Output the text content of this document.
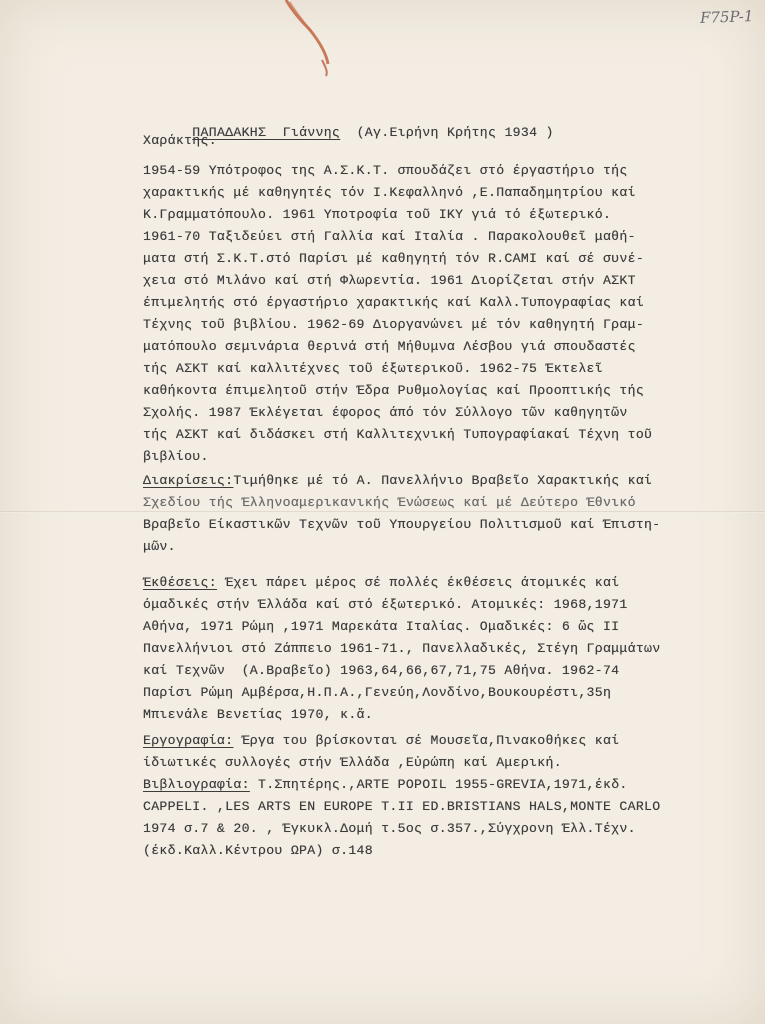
F75P-1

ΠΑΠΑΔΑΚΗΣ  Γιάννης (Αγ.Ειρήνη Κρήτης 1934 )

Χαράκτης.
1954-59 Υπότροφος της Α.Σ.Κ.Τ. σπουδάζει στό έργαστήριο τής
χαρακτικής μέ καθηγητές τόν Ι.Κεφαλληνό ,Ε.Παπαδημητρίου καί
Κ.Γραμματόπουλο. 1961 Υποτροφία τοῦ ΙΚΥ γιά τό έξωτερικό.
1961-70 Ταξιδεύει στή Γαλλία καί Ιταλία . Παρακολουθεῖ μαθή-
ματα στή Σ.Κ.Τ.στό Παρίσι μέ καθηγητή τόν R.CAMI καί σέ συνέ-
χεια στό Μιλάνο καί στή Φλωρεντία. 1961 Διορίζεται στήν ΑΣΚΤ
έπιμελητής στό έργαστήριο χαρακτικής καί Καλλ.Τυπογραφίας καί
Τέχνης τοῦ βιβλίου. 1962-69 Διοργανώνει μέ τόν καθηγητή Γραμ-
ματόπουλο σεμινάρια θερινά στή Μήθυμνα Λέσβου γιά σπουδαστές
τής ΑΣΚΤ καί καλλιτέχνες τοῦ έξωτερικοῦ. 1962-75 Έκτελεῖ
καθήκοντα έπιμελητοῦ στήν Έδρα Ρυθμολογίας καί Προοπτικής τής
Σχολής. 1987 Έκλέγεται έφορος άπό τόν Σύλλογο τῶν καθηγητῶν
τής ΑΣΚΤ καί διδάσκει στή Καλλιτεχνική Τυπογραφίακαί Τέχνη τοῦ
βιβλίου.
Διακρίσεις:Τιμήθηκε μέ τό Α. Πανελλήνιο Βραβεῖο Χαρακτικής καί
Σχεδίου τής Έλληνοαμερικανικής Ένώσεως καί μέ Δεύτερο Έθνικό
Βραβεῖο Είκαστικῶν Τεχνῶν τοῦ Υπουργείου Πολιτισμοῦ καί Έπιστη-
μῶν.
Έκθέσεις: Έχει πάρει μέρος σέ πολλές έκθέσεις άτομικές καί
όμαδικές στήν Έλλάδα καί στό έξωτερικό. Ατομικές: 1968,1971
Αθήνα, 1971 Ρώμη ,1971 Μαρεκάτα Ιταλίας. Ομαδικές: 6 ὥς ΙΙ
Πανελλήνιοι στό Ζάππειο 1961-71., Πανελλαδικές, Στέγη Γραμμάτων
καί Τεχνῶν  (Α.Βραβεῖο) 1963,64,66,67,71,75 Αθήνα. 1962-74
Παρίσι Ρώμη Αμβέρσα,Η.Π.Α.,Γενεύη,Λονδίνο,Βουκουρέστι,35η
Μπιενάλε Βενετίας 1970, κ.ἄ.
Εργογραφία: Έργα του βρίσκονται σέ Μουσεῖα,Πινακοθήκες καί
ίδιωτικές συλλογές στήν Έλλάδα ,Εὐρώπη καί Αμερική.
Βιβλιογραφία: Τ.Σπητέρης.,ARTE POPOIL 1955-GREVIA,1971,έκδ.
CAPPELI. ,LES ARTS EN EUROPE T.II ED.BRISTIANS HALS,MONTE CARLO
1974 σ.7 & 20. , Έγκυκλ.Δομή τ.5ος σ.357.,Σύγχρονη Έλλ.Τέχν.
(έκδ.Καλλ.Κέντρου ΩΡΑ) σ.148
